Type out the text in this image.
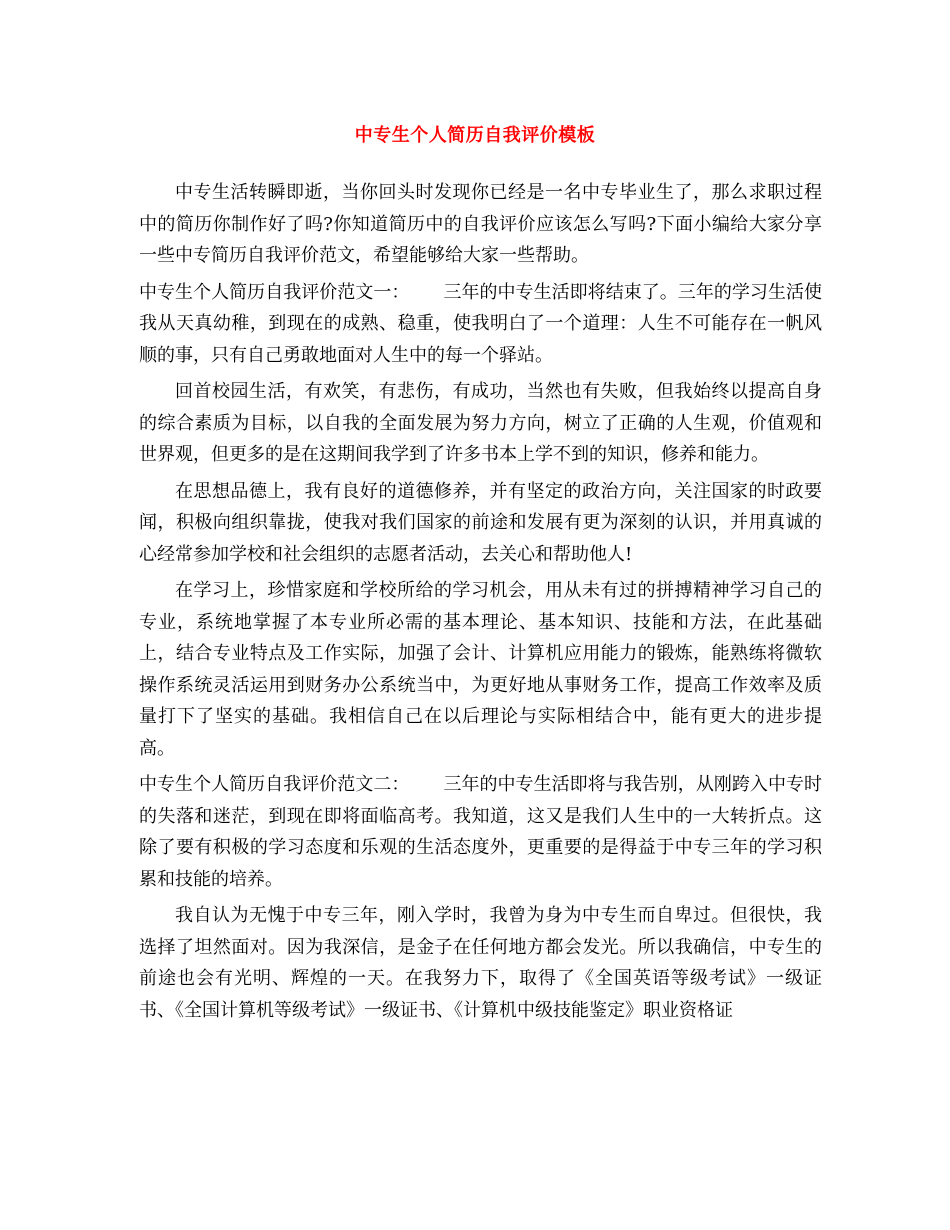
中专生个人简历自我评价模板

中专生活转瞬即逝，当你回头时发现你已经是一名中专毕业生了，那么求职过程中的简历你制作好了吗?你知道简历中的自我评价应该怎么写吗?下面小编给大家分享一些中专简历自我评价范文，希望能够给大家一些帮助。

中专生个人简历自我评价范文一： 三年的中专生活即将结束了。三年的学习生活使我从天真幼稚，到现在的成熟、稳重，使我明白了一个道理：人生不可能存在一帆风顺的事，只有自己勇敢地面对人生中的每一个驿站。

回首校园生活，有欢笑，有悲伤，有成功，当然也有失败，但我始终以提高自身的综合素质为目标，以自我的全面发展为努力方向，树立了正确的人生观，价值观和世界观，但更多的是在这期间我学到了许多书本上学不到的知识，修养和能力。

在思想品德上，我有良好的道德修养，并有坚定的政治方向，关注国家的时政要闻，积极向组织靠拢，使我对我们国家的前途和发展有更为深刻的认识，并用真诚的心经常参加学校和社会组织的志愿者活动，去关心和帮助他人!

在学习上，珍惜家庭和学校所给的学习机会，用从未有过的拼搏精神学习自己的专业，系统地掌握了本专业所必需的基本理论、基本知识、技能和方法，在此基础上，结合专业特点及工作实际，加强了会计、计算机应用能力的锻炼，能熟练将微软操作系统灵活运用到财务办公系统当中，为更好地从事财务工作，提高工作效率及质量打下了坚实的基础。我相信自己在以后理论与实际相结合中，能有更大的进步提高。

中专生个人简历自我评价范文二： 三年的中专生活即将与我告别，从刚跨入中专时的失落和迷茫，到现在即将面临高考。我知道，这又是我们人生中的一大转折点。这除了要有积极的学习态度和乐观的生活态度外，更重要的是得益于中专三年的学习积累和技能的培养。

我自认为无愧于中专三年，刚入学时，我曾为身为中专生而自卑过。但很快，我选择了坦然面对。因为我深信，是金子在任何地方都会发光。所以我确信，中专生的前途也会有光明、辉煌的一天。在我努力下，取得了《全国英语等级考试》一级证书、《全国计算机等级考试》一级证书、《计算机中级技能鉴定》职业资格证
